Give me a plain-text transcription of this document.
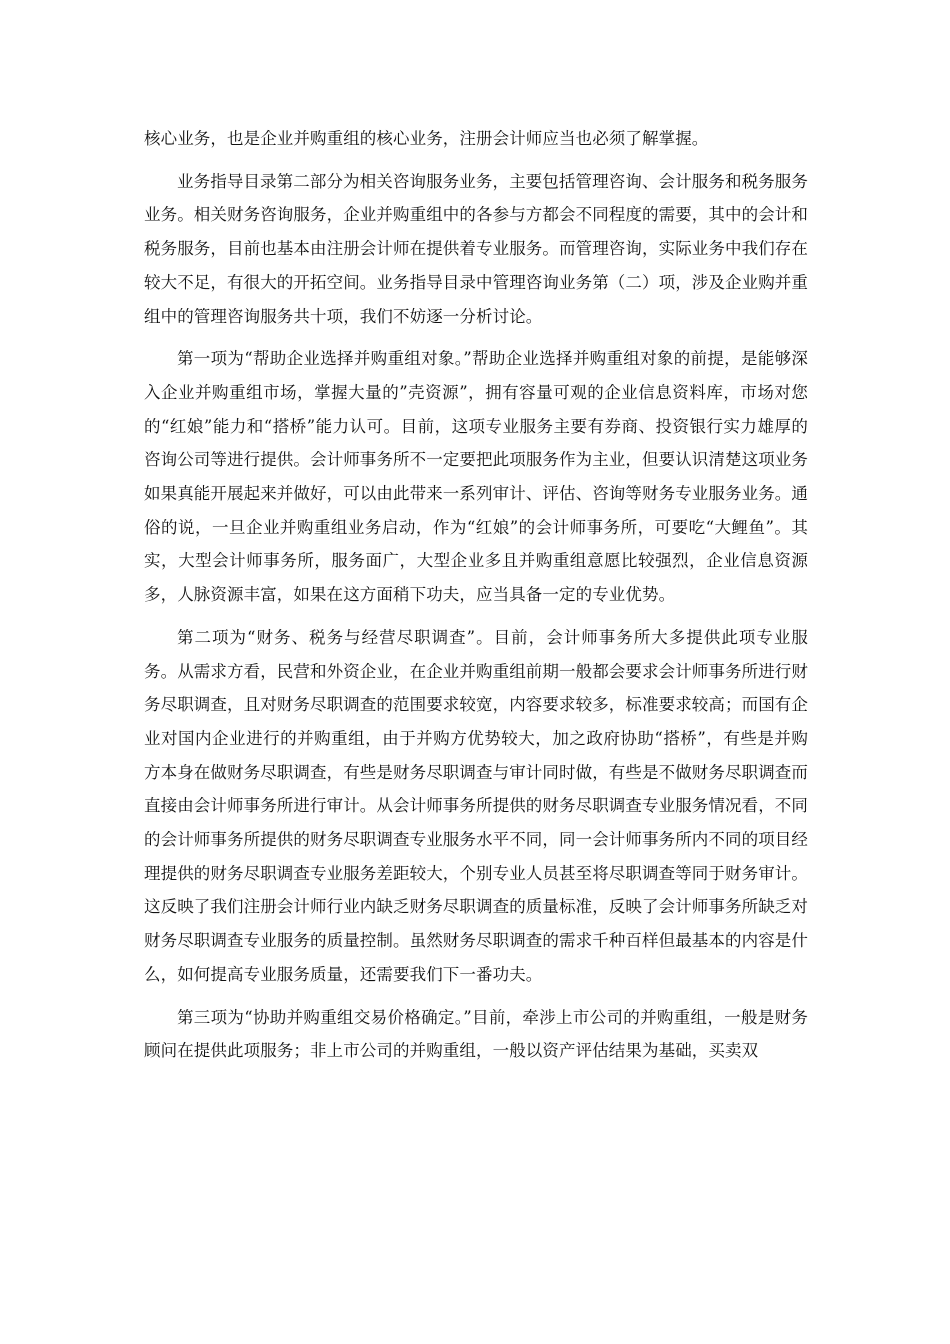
核心业务，也是企业并购重组的核心业务，注册会计师应当也必须了解掌握。

业务指导目录第二部分为相关咨询服务业务，主要包括管理咨询、会计服务和税务服务业务。相关财务咨询服务，企业并购重组中的各参与方都会不同程度的需要，其中的会计和税务服务，目前也基本由注册会计师在提供着专业服务。而管理咨询，实际业务中我们存在较大不足，有很大的开拓空间。业务指导目录中管理咨询业务第（二）项，涉及企业购并重组中的管理咨询服务共十项，我们不妨逐一分析讨论。

第一项为“帮助企业选择并购重组对象。”帮助企业选择并购重组对象的前提，是能够深入企业并购重组市场，掌握大量的”壳资源”，拥有容量可观的企业信息资料库，市场对您的“红娘”能力和“搭桥”能力认可。目前，这项专业服务主要有券商、投资银行实力雄厚的咨询公司等进行提供。会计师事务所不一定要把此项服务作为主业，但要认识清楚这项业务如果真能开展起来并做好，可以由此带来一系列审计、评估、咨询等财务专业服务业务。通俗的说，一旦企业并购重组业务启动，作为“红娘”的会计师事务所，可要吃“大鲤鱼”。其实，大型会计师事务所，服务面广，大型企业多且并购重组意愿比较强烈，企业信息资源多，人脉资源丰富，如果在这方面稍下功夫，应当具备一定的专业优势。

第二项为“财务、税务与经营尽职调查”。目前，会计师事务所大多提供此项专业服务。从需求方看，民营和外资企业，在企业并购重组前期一般都会要求会计师事务所进行财务尽职调查，且对财务尽职调查的范围要求较宽，内容要求较多，标准要求较高；而国有企业对国内企业进行的并购重组，由于并购方优势较大，加之政府协助“搭桥”，有些是并购方本身在做财务尽职调查，有些是财务尽职调查与审计同时做，有些是不做财务尽职调查而直接由会计师事务所进行审计。从会计师事务所提供的财务尽职调查专业服务情况看，不同的会计师事务所提供的财务尽职调查专业服务水平不同，同一会计师事务所内不同的项目经理提供的财务尽职调查专业服务差距较大，个别专业人员甚至将尽职调查等同于财务审计。这反映了我们注册会计师行业内缺乏财务尽职调查的质量标准，反映了会计师事务所缺乏对财务尽职调查专业服务的质量控制。虽然财务尽职调查的需求千种百样但最基本的内容是什么，如何提高专业服务质量，还需要我们下一番功夫。

第三项为“协助并购重组交易价格确定。”目前，牵涉上市公司的并购重组，一般是财务顾问在提供此项服务；非上市公司的并购重组，一般以资产评估结果为基础，买卖双
